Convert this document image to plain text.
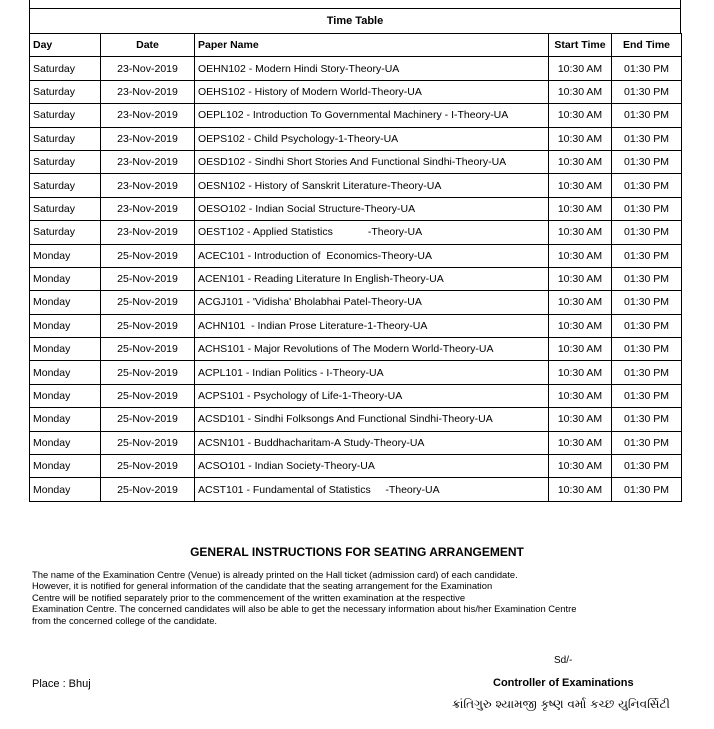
Time Table
Day	Date	Paper Name	Start Time	End Time
Saturday	23-Nov-2019	OEHN102 - Modern Hindi Story-Theory-UA	10:30 AM	01:30 PM
Saturday	23-Nov-2019	OEHS102 - History of Modern World-Theory-UA	10:30 AM	01:30 PM
Saturday	23-Nov-2019	OEPL102 - Introduction To Governmental Machinery - I-Theory-UA	10:30 AM	01:30 PM
Saturday	23-Nov-2019	OEPS102 - Child Psychology-1-Theory-UA	10:30 AM	01:30 PM
Saturday	23-Nov-2019	OESD102 - Sindhi Short Stories And Functional Sindhi-Theory-UA	10:30 AM	01:30 PM
Saturday	23-Nov-2019	OESN102 - History of Sanskrit Literature-Theory-UA	10:30 AM	01:30 PM
Saturday	23-Nov-2019	OESO102 - Indian Social Structure-Theory-UA	10:30 AM	01:30 PM
Saturday	23-Nov-2019	OEST102 - Applied Statistics            -Theory-UA	10:30 AM	01:30 PM
Monday	25-Nov-2019	ACEC101 - Introduction of  Economics-Theory-UA	10:30 AM	01:30 PM
Monday	25-Nov-2019	ACEN101 - Reading Literature In English-Theory-UA	10:30 AM	01:30 PM
Monday	25-Nov-2019	ACGJ101 - 'Vidisha' Bholabhai Patel-Theory-UA	10:30 AM	01:30 PM
Monday	25-Nov-2019	ACHN101  - Indian Prose Literature-1-Theory-UA	10:30 AM	01:30 PM
Monday	25-Nov-2019	ACHS101 - Major Revolutions of The Modern World-Theory-UA	10:30 AM	01:30 PM
Monday	25-Nov-2019	ACPL101 - Indian Politics - I-Theory-UA	10:30 AM	01:30 PM
Monday	25-Nov-2019	ACPS101 - Psychology of Life-1-Theory-UA	10:30 AM	01:30 PM
Monday	25-Nov-2019	ACSD101 - Sindhi Folksongs And Functional Sindhi-Theory-UA	10:30 AM	01:30 PM
Monday	25-Nov-2019	ACSN101 - Buddhacharitam-A Study-Theory-UA	10:30 AM	01:30 PM
Monday	25-Nov-2019	ACSO101 - Indian Society-Theory-UA	10:30 AM	01:30 PM
Monday	25-Nov-2019	ACST101 - Fundamental of Statistics     -Theory-UA	10:30 AM	01:30 PM
GENERAL INSTRUCTIONS FOR SEATING ARRANGEMENT
The name of the Examination Centre (Venue) is already printed on the Hall ticket (admission card) of each candidate.
However, it is notified for general information of the candidate that the seating arrangement for the Examination
Centre will be notified separately prior to the commencement of the written examination at the respective
Examination Centre. The concerned candidates will also be able to get the necessary information about his/her Examination Centre
from the concerned college of the candidate.
Sd/-
Place : Bhuj	Controller of Examinations
ક્રાંતિગુરુ શ્યામજી કૃષ્ણ વર્મા કચ્છ યુનિવર્સિટી
